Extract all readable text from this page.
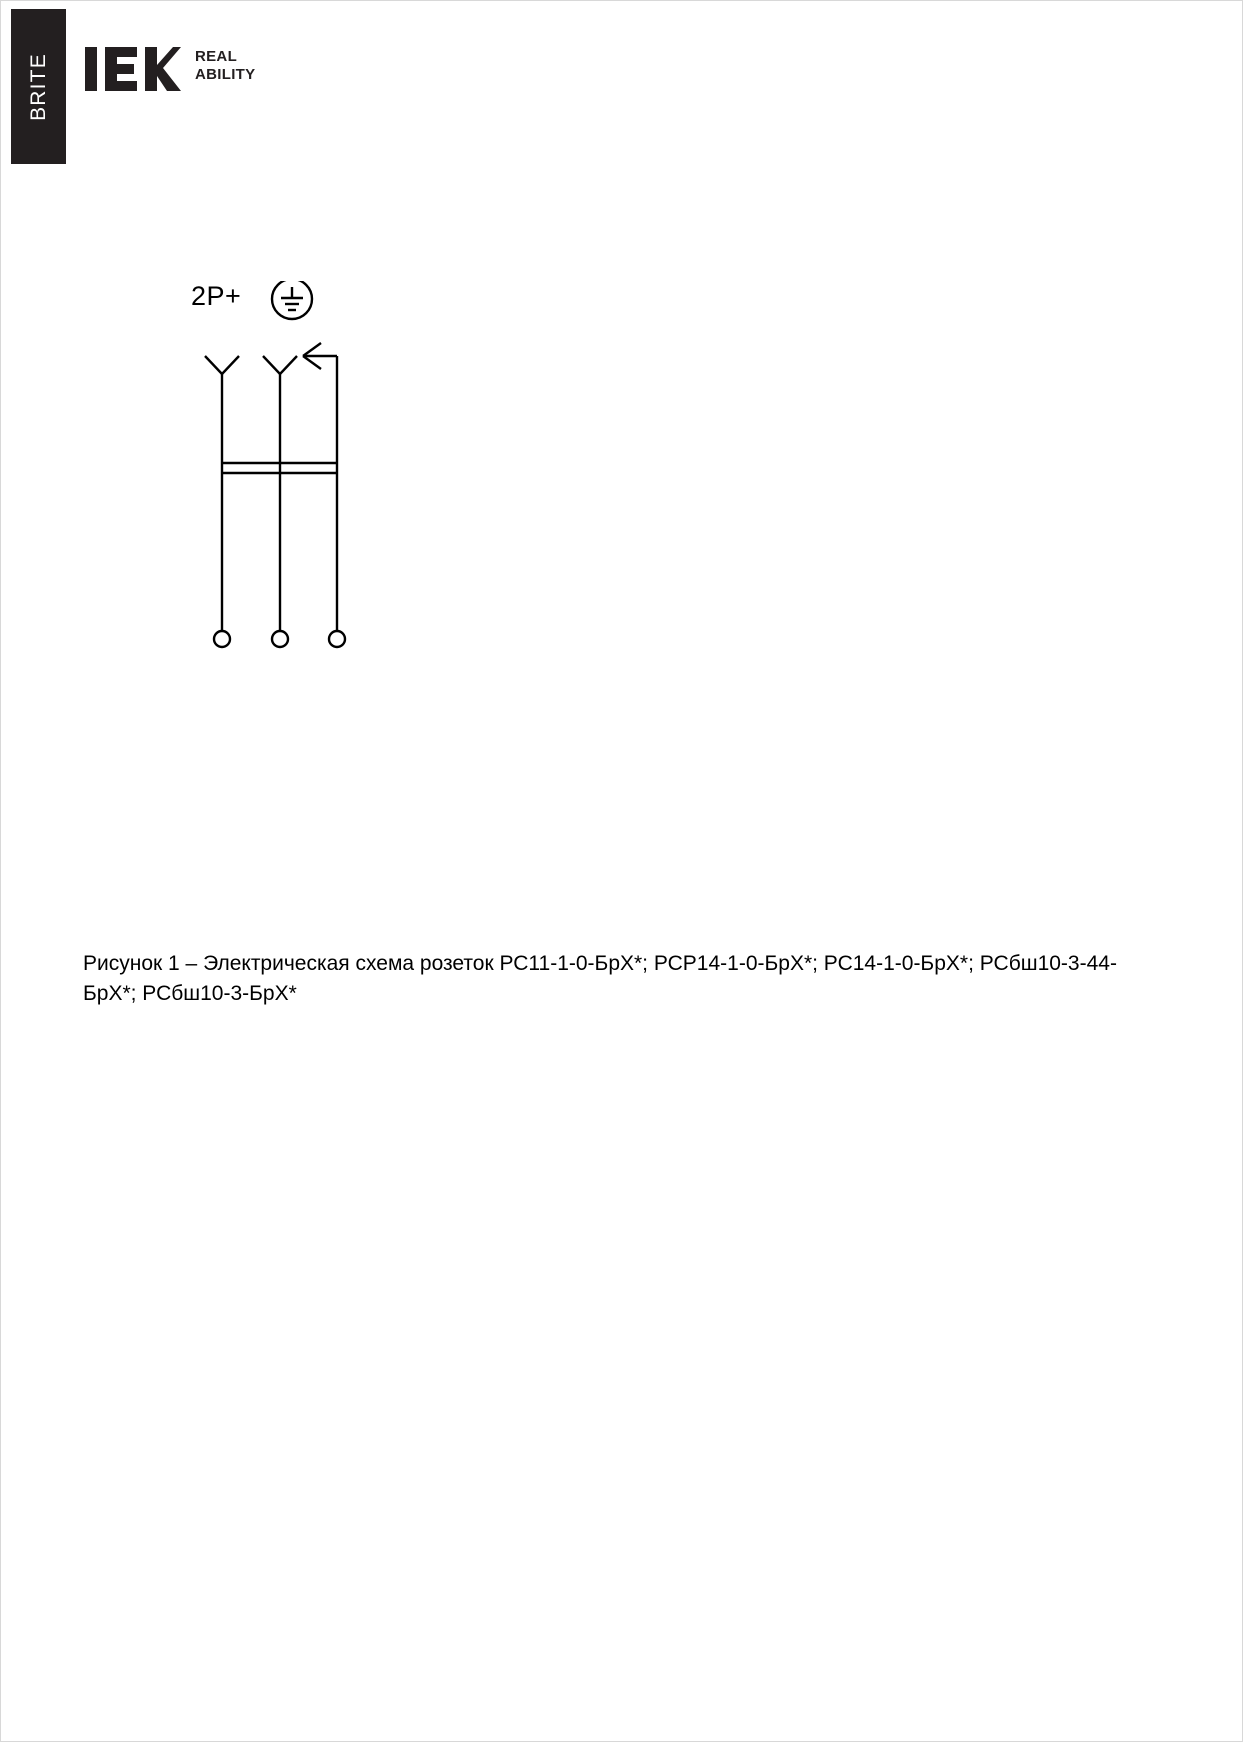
BRITE	REAL
ABILITY
2P+
Рисунок 1 – Электрическая схема розеток РС11-1-0-БрХ*; РСР14-1-0-БрХ*; РС14-1-0-БрХ*; РСбш10-3-44-БрХ*; РСбш10-3-БрХ*
